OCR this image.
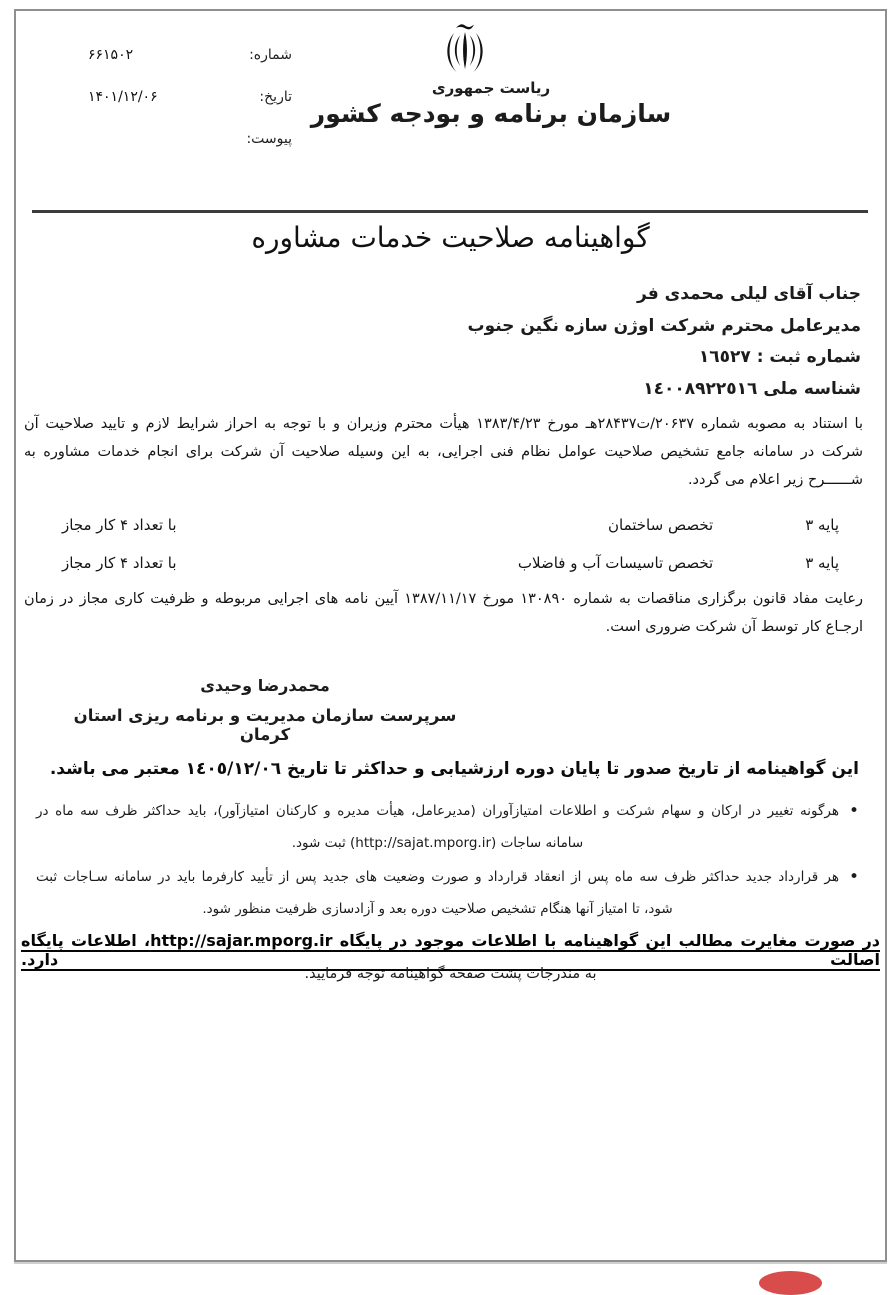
شماره:
۶۶۱۵۰۲
تاریخ:
۱۴۰۱/۱۲/۰۶
پیوست:
ریاست جمهوری
سازمان برنامه و بودجه کشور
گواهینامه صلاحیت خدمات مشاوره
جناب آقای لیلی محمدی فر
مدیرعامل محترم شرکت اوژن سازه نگین جنوب
شماره ثبت : ١٦٥٢٧
شناسه ملی ١٤٠٠٨٩٢٢٥١٦
با استناد به مصوبه شماره ۲۰۶۳۷/ت۲۸۴۳۷هـ مورخ ۱۳۸۳/۴/۲۳ هیأت محترم وزیران و با توجه به احراز شرایط لازم و تایید صلاحیت آن شرکت در سامانه جامع تشخیص صلاحیت عوامل نظام فنی اجرایی، به این وسیله صلاحیت آن شرکت برای انجام خدمات مشاوره به شــــــرح زیر اعلام می گردد.
پایه ۳
تخصص ساختمان
با تعداد ۴ کار مجاز
پایه ۳
تخصص تاسیسات آب و فاضلاب
با تعداد ۴ کار مجاز
رعایت مفاد قانون برگزاری مناقصات به شماره ۱۳۰۸۹۰ مورخ ۱۳۸۷/۱۱/۱۷ آیین نامه های اجرایی مربوطه و ظرفیت کاری مجاز در زمان ارجـاع کار توسط آن شرکت ضروری است.
محمدرضا وحیدی
سرپرست سازمان مدیریت و برنامه ریزی استان کرمان
این گواهینامه از تاریخ صدور تا پایان دوره ارزشیابی و حداکثر تا تاریخ ١٤٠٥/١٢/٠٦ معتبر می باشد.
•
هرگونه تغییر در ارکان و سهام شرکت و اطلاعات امتیازآوران (مدیرعامل، هیأت مدیره و کارکنان امتیازآور)، باید حداکثر ظرف سه ماه در
سامانه ساجات (http://sajat.mporg.ir) ثبت شود.
•
هر قرارداد جدید حداکثر ظرف سه ماه پس از انعقاد قرارداد و صورت وضعیت های جدید پس از تأیید کارفرما باید در سامانه سـاجات ثبت
شود، تا امتیاز آنها هنگام تشخیص صلاحیت دوره بعد و آزادسازی ظرفیت منظور شود.
در صورت مغایرت مطالب این گواهینامه با اطلاعات موجود در پایگاه http://sajar.mporg.ir، اطلاعات پایگاه اصالت دارد.
به مندرجات پشت صفحه گواهینامه توجه فرمایید.
